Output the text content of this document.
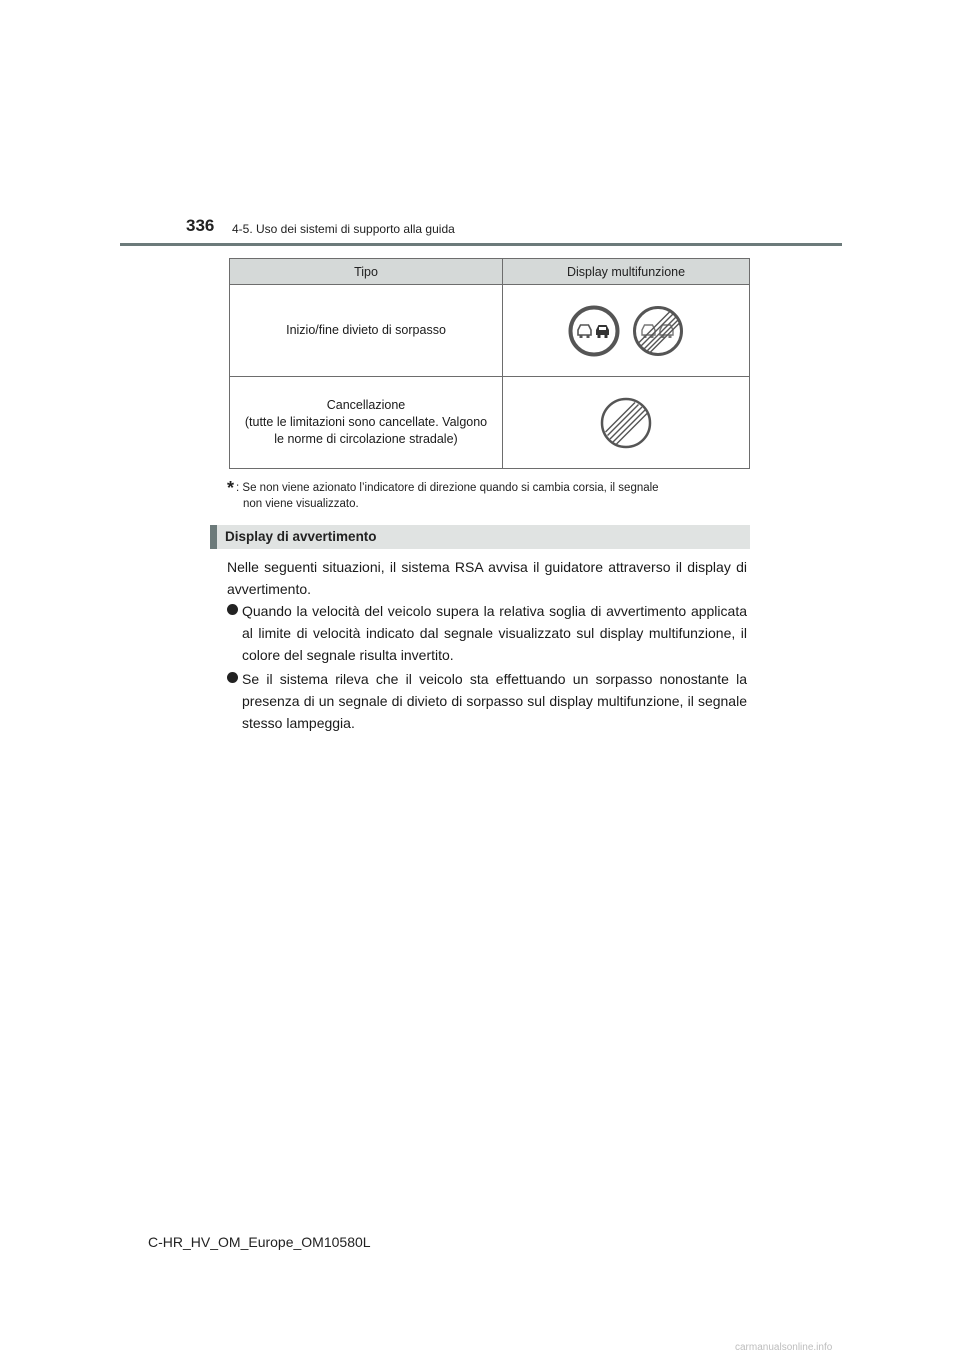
336 4-5. Uso dei sistemi di supporto alla guida
Tipo	Display multifunzione
Inizio/fine divieto di sorpasso	

Cancellazione
(tutte le limitazioni sono cancellate. Valgono
le norme di circolazione stradale)

* : Se non viene azionato l’indicatore di direzione quando si cambia corsia, il segnale
non viene visualizzato.
Display di avvertimento

Nelle seguenti situazioni, il sistema RSA avvisa il guidatore attraverso il display di avvertimento.

Quando la velocità del veicolo supera la relativa soglia di avvertimento applicata al limite di velocità indicato dal segnale visualizzato sul display multifunzione, il colore del segnale risulta invertito.
Se il sistema rileva che il veicolo sta effettuando un sorpasso nonostante la presenza di un segnale di divieto di sorpasso sul display multifunzione, il segnale stesso lampeggia.
C-HR_HV_OM_Europe_OM10580L
carmanualsonline.info
